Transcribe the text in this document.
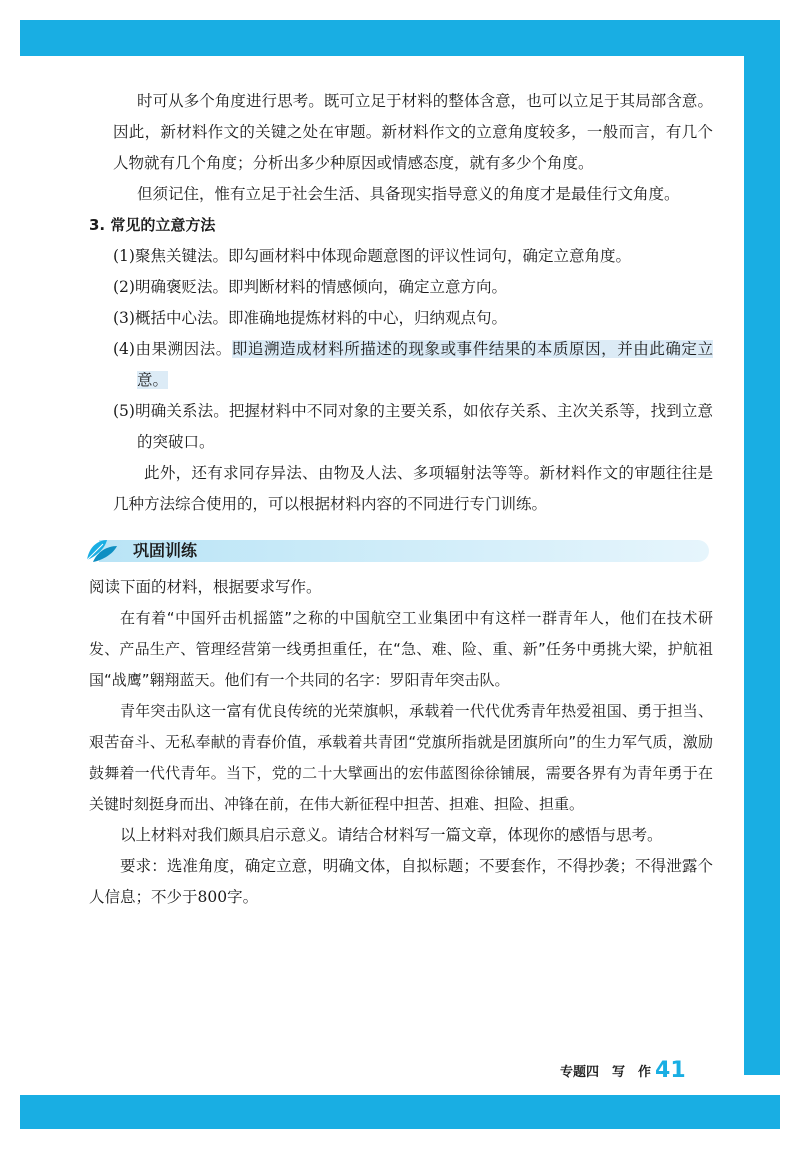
时可从多个角度进行思考。既可立足于材料的整体含意，也可以立足于其局部含意。因此，新材料作文的关键之处在审题。新材料作文的立意角度较多，一般而言，有几个人物就有几个角度；分析出多少种原因或情感态度，就有多少个角度。

但须记住，惟有立足于社会生活、具备现实指导意义的角度才是最佳行文角度。

3. 常见的立意方法

(1)聚焦关键法。即勾画材料中体现命题意图的评议性词句，确定立意角度。

(2)明确褒贬法。即判断材料的情感倾向，确定立意方向。

(3)概括中心法。即准确地提炼材料的中心，归纳观点句。

(4)由果溯因法。即追溯造成材料所描述的现象或事件结果的本质原因，并由此确定立意。

(5)明确关系法。把握材料中不同对象的主要关系，如依存关系、主次关系等，找到立意的突破口。

此外，还有求同存异法、由物及人法、多项辐射法等等。新材料作文的审题往往是几种方法综合使用的，可以根据材料内容的不同进行专门训练。

巩固训练

阅读下面的材料，根据要求写作。

在有着“中国歼击机摇篮”之称的中国航空工业集团中有这样一群青年人，他们在技术研发、产品生产、管理经营第一线勇担重任，在“急、难、险、重、新”任务中勇挑大梁，护航祖国“战鹰”翱翔蓝天。他们有一个共同的名字：罗阳青年突击队。

青年突击队这一富有优良传统的光荣旗帜，承载着一代代优秀青年热爱祖国、勇于担当、艰苦奋斗、无私奉献的青春价值，承载着共青团“党旗所指就是团旗所向”的生力军气质，激励鼓舞着一代代青年。当下，党的二十大擘画出的宏伟蓝图徐徐铺展，需要各界有为青年勇于在关键时刻挺身而出、冲锋在前，在伟大新征程中担苦、担难、担险、担重。

以上材料对我们颇具启示意义。请结合材料写一篇文章，体现你的感悟与思考。

要求：选准角度，确定立意，明确文体，自拟标题；不要套作，不得抄袭；不得泄露个人信息；不少于800字。

专题四　写　作 41
